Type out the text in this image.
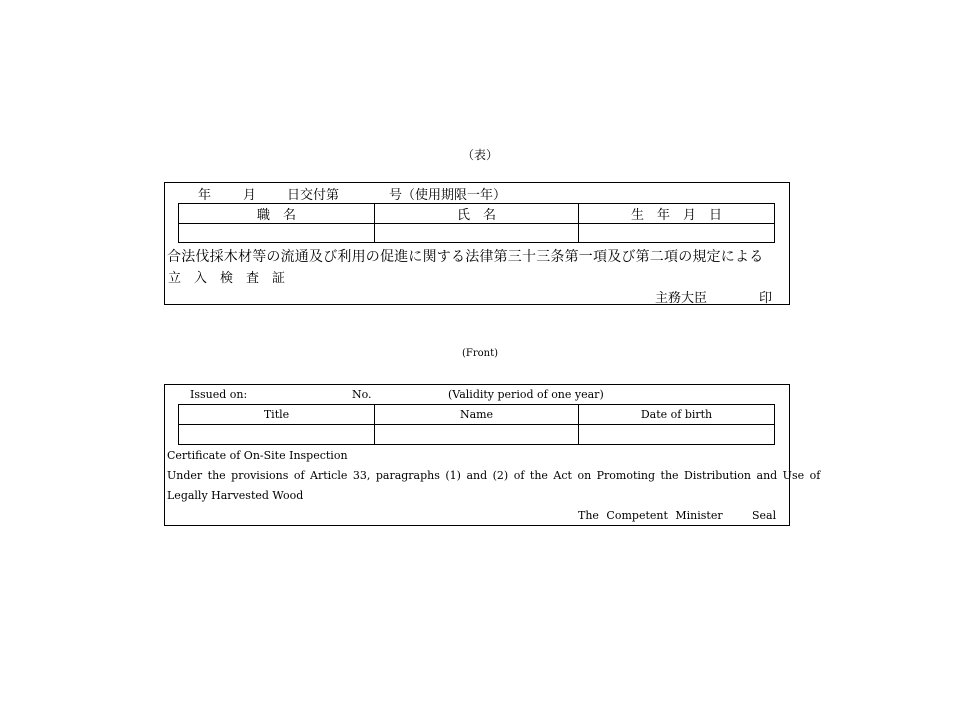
（表）
年 月 日交付第	号（使用期限一年）
職　名	氏　名	生　年　月　日

合法伐採木材等の流通及び利用の促進に関する法律第三十三条第一項及び第二項の規定による
立入検査証
主務大臣	印
(Front)
Issued on:	No.	(Validity period of one year)
Title	Name	Date of birth

Certificate of On-Site Inspection
Under the provisions of Article 33, paragraphs (1) and (2) of the Act on Promoting the Distribution and Use of
Legally Harvested Wood
The Competent Minister	Seal
